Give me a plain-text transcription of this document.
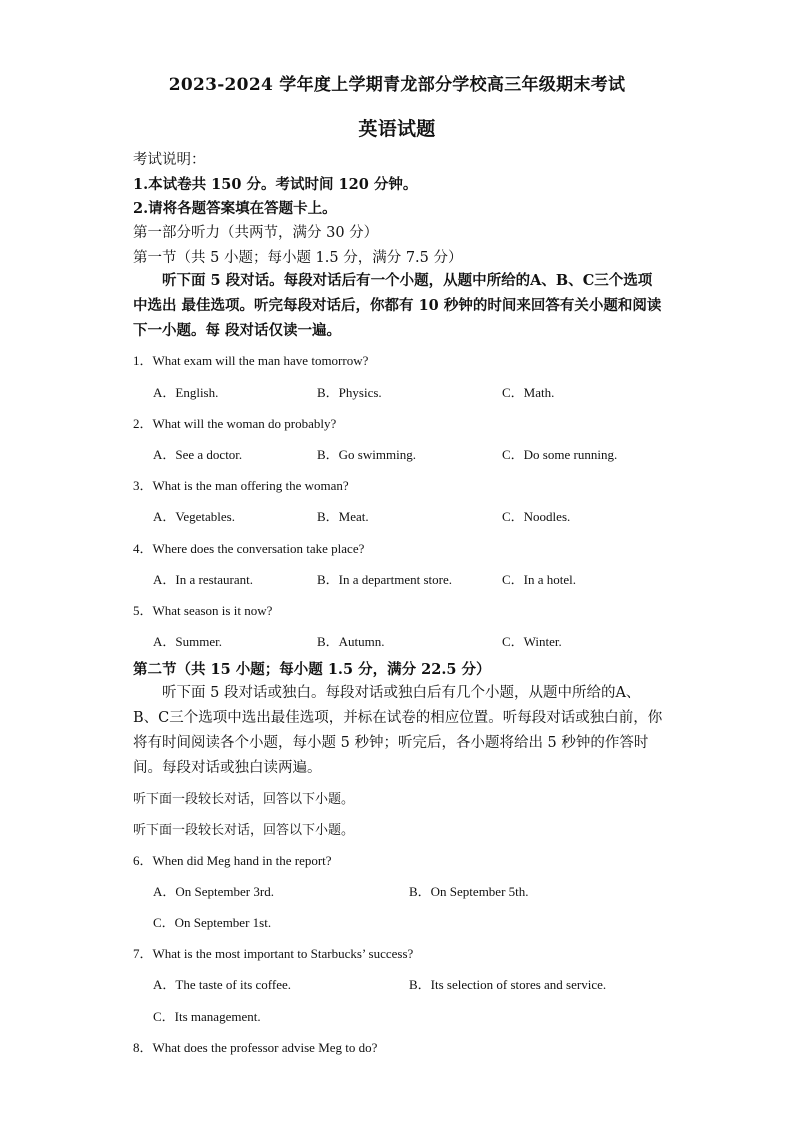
2023-2024 学年度上学期青龙部分学校高三年级期末考试
英语试题
考试说明：
1.本试卷共 150 分。考试时间 120 分钟。
2.请将各题答案填在答题卡上。
第一部分听力（共两节，满分 30 分）
第一节（共 5 小题；每小题 1.5 分，满分 7.5 分）
听下面 5 段对话。每段对话后有一个小题，从题中所给的A、B、C三个选项中选出 最佳选项。听完每段对话后，你都有 10 秒钟的时间来回答有关小题和阅读下一小题。每 段对话仅读一遍。
1．What exam will the man have tomorrow?
A．English.	B．Physics.	C．Math.
2．What will the woman do probably?
A．See a doctor.	B．Go swimming.	C．Do some running.
3．What is the man offering the woman?
A．Vegetables.	B．Meat.	C．Noodles.
4．Where does the conversation take place?
A．In a restaurant.	B．In a department store.	C．In a hotel.
5．What season is it now?
A．Summer.	B．Autumn.	C．Winter.
第二节（共 15 小题；每小题 1.5 分，满分 22.5 分）
听下面 5 段对话或独白。每段对话或独白后有几个小题，从题中所给的A、B、C三个选项中选出最佳选项，并标在试卷的相应位置。听每段对话或独白前，你将有时间阅读各个小题，每小题 5 秒钟；听完后，各小题将给出 5 秒钟的作答时间。每段对话或独白读两遍。
听下面一段较长对话，回答以下小题。
听下面一段较长对话，回答以下小题。
6．When did Meg hand in the report?
A．On September 3rd.	B．On September 5th.
C．On September 1st.
7．What is the most important to Starbucks’ success?
A．The taste of its coffee.	B．Its selection of stores and service.
C．Its management.
8．What does the professor advise Meg to do?
